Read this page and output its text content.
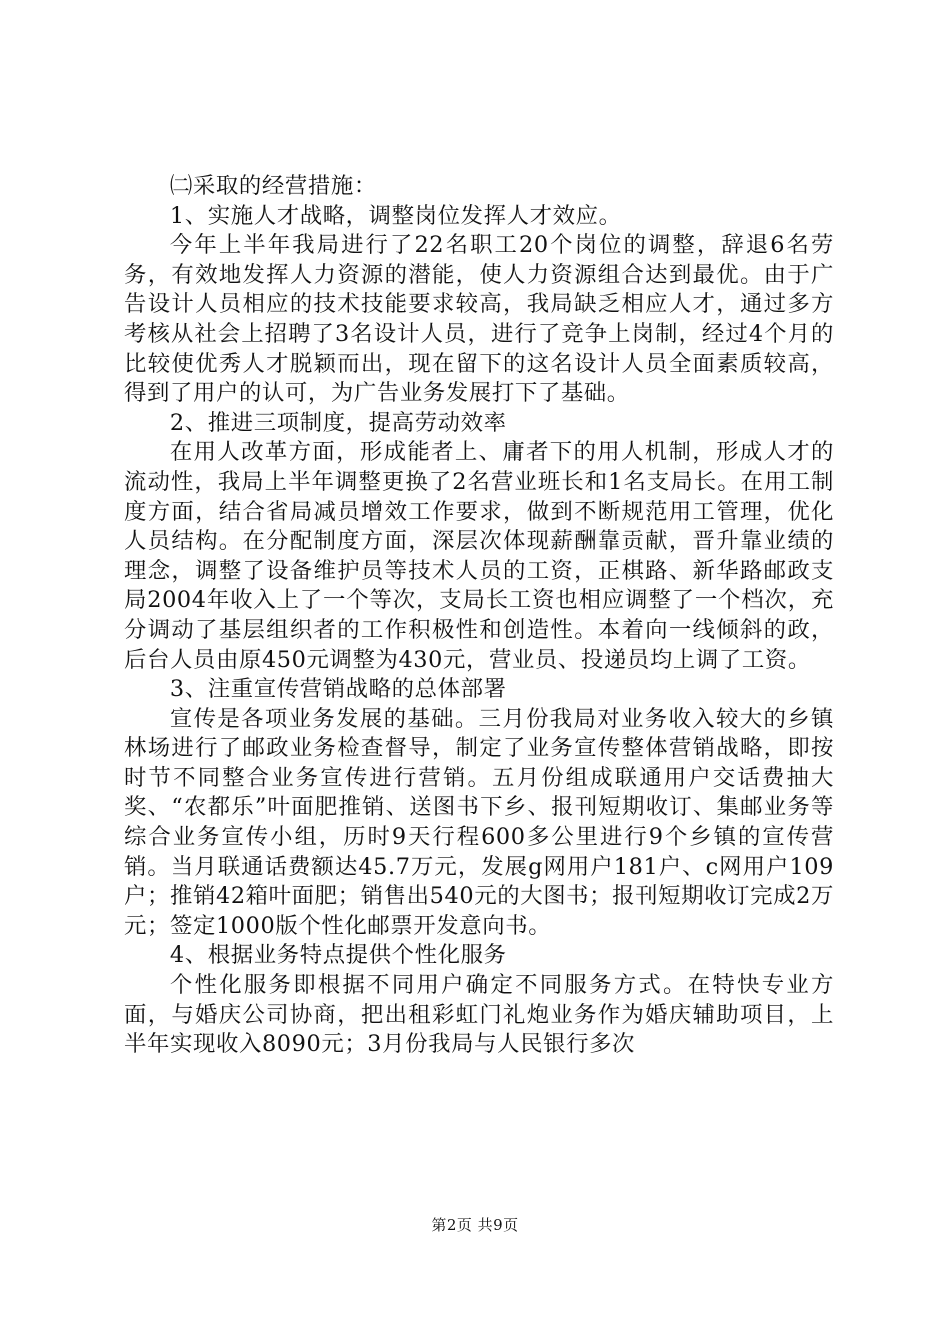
㈡采取的经营措施：

1、实施人才战略，调整岗位发挥人才效应。

今年上半年我局进行了22名职工20个岗位的调整，辞退6名劳务，有效地发挥人力资源的潜能，使人力资源组合达到最优。由于广告设计人员相应的技术技能要求较高，我局缺乏相应人才，通过多方考核从社会上招聘了3名设计人员，进行了竞争上岗制，经过4个月的比较使优秀人才脱颖而出，现在留下的这名设计人员全面素质较高，得到了用户的认可，为广告业务发展打下了基础。

2、推进三项制度，提高劳动效率

在用人改革方面，形成能者上、庸者下的用人机制，形成人才的流动性，我局上半年调整更换了2名营业班长和1名支局长。在用工制度方面，结合省局减员增效工作要求，做到不断规范用工管理，优化人员结构。在分配制度方面，深层次体现薪酬靠贡献，晋升靠业绩的理念，调整了设备维护员等技术人员的工资，正棋路、新华路邮政支局2004年收入上了一个等次，支局长工资也相应调整了一个档次，充分调动了基层组织者的工作积极性和创造性。本着向一线倾斜的政，后台人员由原450元调整为430元，营业员、投递员均上调了工资。

3、注重宣传营销战略的总体部署

宣传是各项业务发展的基础。三月份我局对业务收入较大的乡镇林场进行了邮政业务检查督导，制定了业务宣传整体营销战略，即按时节不同整合业务宣传进行营销。五月份组成联通用户交话费抽大奖、“农都乐”叶面肥推销、送图书下乡、报刊短期收订、集邮业务等综合业务宣传小组，历时9天行程600多公里进行9个乡镇的宣传营销。当月联通话费额达45.7万元，发展g网用户181户、c网用户109户；推销42箱叶面肥；销售出540元的大图书；报刊短期收订完成2万元；签定1000版个性化邮票开发意向书。

4、根据业务特点提供个性化服务

个性化服务即根据不同用户确定不同服务方式。在特快专业方面，与婚庆公司协商，把出租彩虹门礼炮业务作为婚庆辅助项目，上半年实现收入8090元；3月份我局与人民银行多次

第2页 共9页
